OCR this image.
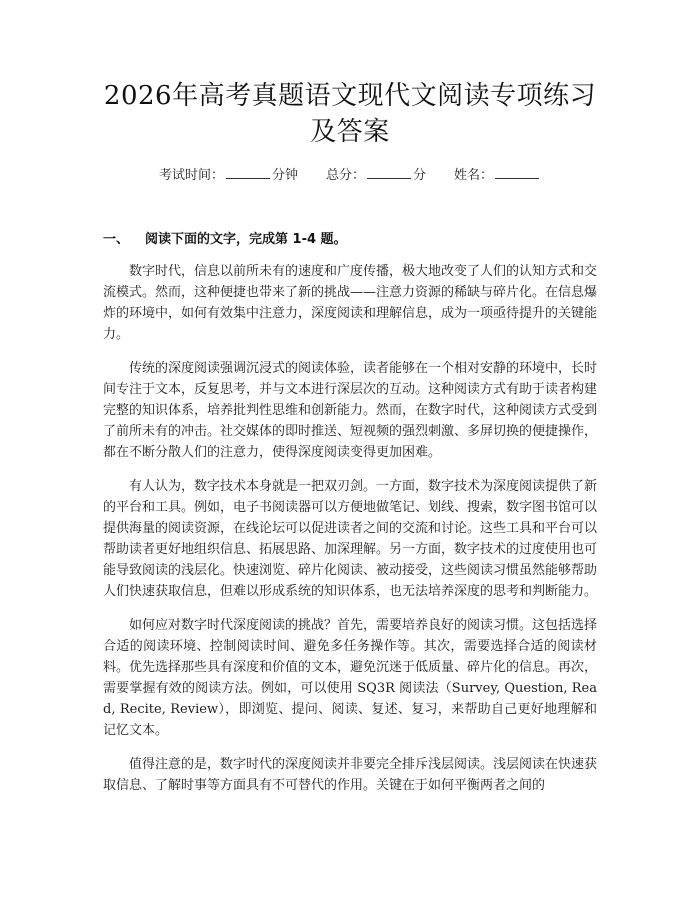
2026年高考真题语文现代文阅读专项练习及答案
考试时间：	分钟 总分：	分 姓名：
一、 阅读下面的文字，完成第 1-4 题。

数字时代，信息以前所未有的速度和广度传播，极大地改变了人们的认知方式和交流模式。然而，这种便捷也带来了新的挑战——注意力资源的稀缺与碎片化。在信息爆炸的环境中，如何有效集中注意力，深度阅读和理解信息，成为一项亟待提升的关键能力。

传统的深度阅读强调沉浸式的阅读体验，读者能够在一个相对安静的环境中，长时间专注于文本，反复思考，并与文本进行深层次的互动。这种阅读方式有助于读者构建完整的知识体系，培养批判性思维和创新能力。然而，在数字时代，这种阅读方式受到了前所未有的冲击。社交媒体的即时推送、短视频的强烈刺激、多屏切换的便捷操作，都在不断分散人们的注意力，使得深度阅读变得更加困难。

有人认为，数字技术本身就是一把双刃剑。一方面，数字技术为深度阅读提供了新的平台和工具。例如，电子书阅读器可以方便地做笔记、划线、搜索，数字图书馆可以提供海量的阅读资源，在线论坛可以促进读者之间的交流和讨论。这些工具和平台可以帮助读者更好地组织信息、拓展思路、加深理解。另一方面，数字技术的过度使用也可能导致阅读的浅层化。快速浏览、碎片化阅读、被动接受，这些阅读习惯虽然能够帮助人们快速获取信息，但难以形成系统的知识体系，也无法培养深度的思考和判断能力。

如何应对数字时代深度阅读的挑战？首先，需要培养良好的阅读习惯。这包括选择合适的阅读环境、控制阅读时间、避免多任务操作等。其次，需要选择合适的阅读材料。优先选择那些具有深度和价值的文本，避免沉迷于低质量、碎片化的信息。再次，需要掌握有效的阅读方法。例如，可以使用 SQ3R 阅读法（Survey, Question, Read, Recite, Review），即浏览、提问、阅读、复述、复习，来帮助自己更好地理解和记忆文本。

值得注意的是，数字时代的深度阅读并非要完全排斥浅层阅读。浅层阅读在快速获取信息、了解时事等方面具有不可替代的作用。关键在于如何平衡两者之间的
